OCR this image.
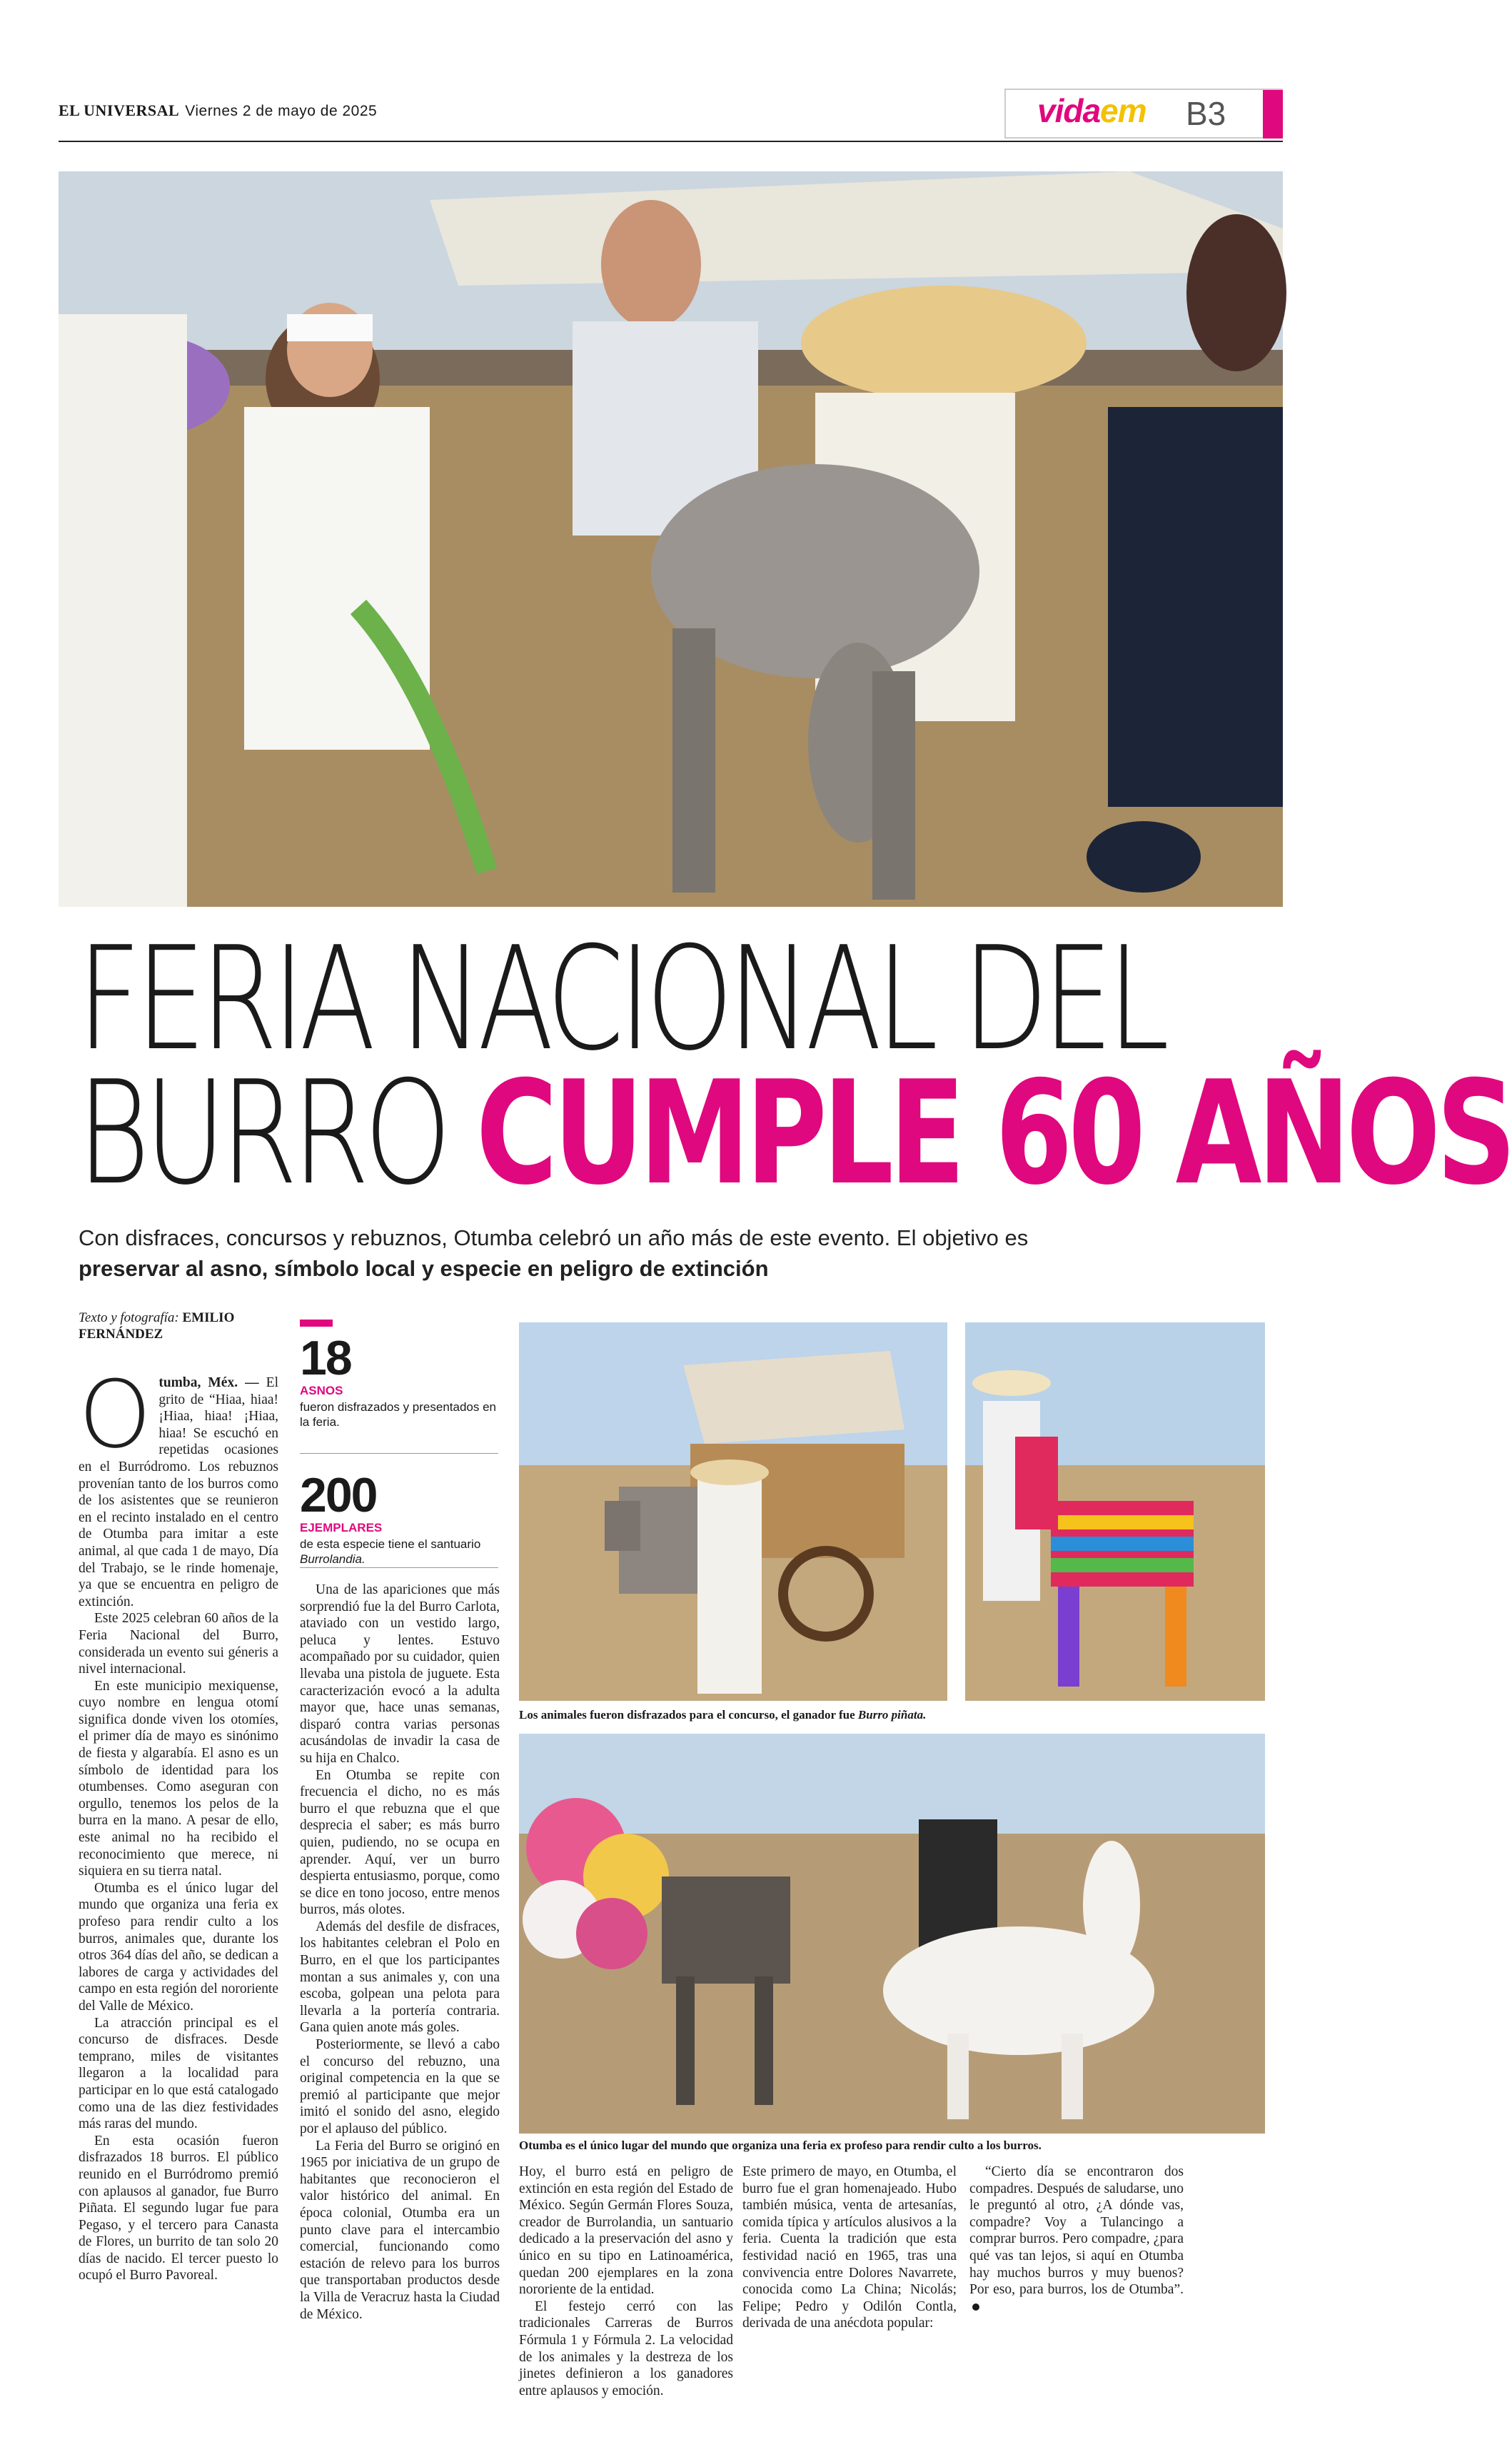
EL UNIVERSAL Viernes 2 de mayo de 2025	vidaem B3
FERIA NACIONAL DEL
BURRO CUMPLE 60 AÑOS
Con disfraces, concursos y rebuznos, Otumba celebró un año más de este evento. El objetivo es
preservar al asno, símbolo local y especie en peligro de extinción
Texto y fotografía: EMILIO FERNÁNDEZ	18
ASNOS
fueron disfrazados y presentados en la feria.
200
EJEMPLARES
de esta especie tiene el santuario Burrolandia.

Otumba, Méx. — El grito de “Hiaa, hiaa! ¡Hiaa, hiaa! ¡Hiaa, hiaa! Se escuchó en repetidas ocasiones en el Burródromo. Los rebuznos provenían tanto de los burros como de los asistentes que se reunieron en el recinto instalado en el centro de Otumba para imitar a este animal, al que cada 1 de mayo, Día del Trabajo, se le rinde homenaje, ya que se encuentra en peligro de extinción.

Este 2025 celebran 60 años de la Feria Nacional del Burro, considerada un evento sui géneris a nivel internacional.

En este municipio mexiquense, cuyo nombre en lengua otomí significa donde viven los otomíes, el primer día de mayo es sinónimo de fiesta y algarabía. El asno es un símbolo de identidad para los otumbenses. Como aseguran con orgullo, tenemos los pelos de la burra en la mano. A pesar de ello, este animal no ha recibido el reconocimiento que merece, ni siquiera en su tierra natal.

Otumba es el único lugar del mundo que organiza una feria ex profeso para rendir culto a los burros, animales que, durante los otros 364 días del año, se dedican a labores de carga y actividades del campo en esta región del nororiente del Valle de México.

La atracción principal es el concurso de disfraces. Desde temprano, miles de visitantes llegaron a la localidad para participar en lo que está catalogado como una de las diez festividades más raras del mundo.

En esta ocasión fueron disfrazados 18 burros. El público reunido en el Burródromo premió con aplausos al ganador, fue Burro Piñata. El segundo lugar fue para Pegaso, y el tercero para Canasta de Flores, un burrito de tan solo 20 días de nacido. El tercer puesto lo ocupó el Burro Pavoreal.

Una de las apariciones que más sorprendió fue la del Burro Carlota, ataviado con un vestido largo, peluca y lentes. Estuvo acompañado por su cuidador, quien llevaba una pistola de juguete. Esta caracterización evocó a la adulta mayor que, hace unas semanas, disparó contra varias personas acusándolas de invadir la casa de su hija en Chalco.

En Otumba se repite con frecuencia el dicho, no es más burro el que rebuzna que el que desprecia el saber; es más burro quien, pudiendo, no se ocupa en aprender. Aquí, ver un burro despierta entusiasmo, porque, como se dice en tono jocoso, entre menos burros, más olotes.

Además del desfile de disfraces, los habitantes celebran el Polo en Burro, en el que los participantes montan a sus animales y, con una escoba, golpean una pelota para llevarla a la portería contraria. Gana quien anote más goles.

Posteriormente, se llevó a cabo el concurso del rebuzno, una original competencia en la que se premió al participante que mejor imitó el sonido del asno, elegido por el aplauso del público.

La Feria del Burro se originó en 1965 por iniciativa de un grupo de habitantes que reconocieron el valor histórico del animal. En época colonial, Otumba era un punto clave para el intercambio comercial, funcionando como estación de relevo para los burros que transportaban productos desde la Villa de Veracruz hasta la Ciudad de México.

Los animales fueron disfrazados para el concurso, el ganador fue Burro piñata.
Otumba es el único lugar del mundo que organiza una feria ex profeso para rendir culto a los burros.

Hoy, el burro está en peligro de extinción en esta región del Estado de México. Según Germán Flores Souza, creador de Burrolandia, un santuario dedicado a la preservación del asno y único en su tipo en Latinoamérica, quedan 200 ejemplares en la zona nororiente de la entidad.

El festejo cerró con las tradicionales Carreras de Burros Fórmula 1 y Fórmula 2. La velocidad de los animales y la destreza de los jinetes definieron a los ganadores entre aplausos y emoción.

Este primero de mayo, en Otumba, el burro fue el gran homenajeado. Hubo también música, venta de artesanías, comida típica y artículos alusivos a la feria. Cuenta la tradición que esta festividad nació en 1965, tras una convivencia entre Dolores Navarrete, conocida como La China; Nicolás; Felipe; Pedro y Odilón Contla, derivada de una anécdota popular:

“Cierto día se encontraron dos compadres. Después de saludarse, uno le preguntó al otro, ¿A dónde vas, compadre? Voy a Tulancingo a comprar burros. Pero compadre, ¿para qué vas tan lejos, si aquí en Otumba hay muchos burros y muy buenos? Por eso, para burros, los de Otumba”.
